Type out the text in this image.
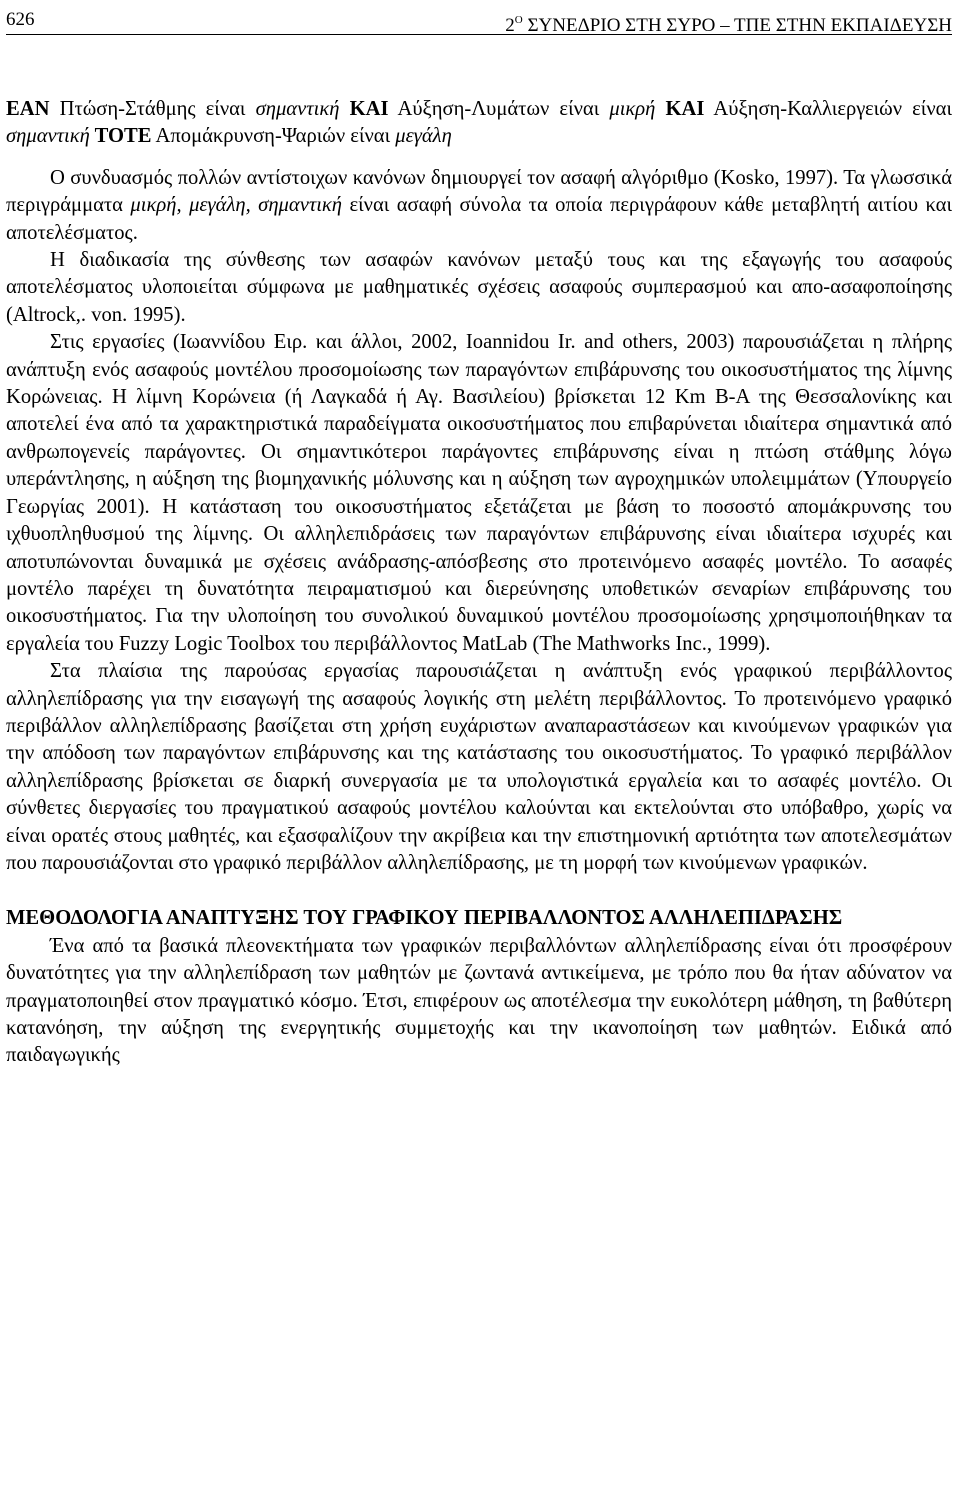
626	$2^O$ ΣΥΝΕΔΡΙΟ ΣΤΗ ΣΥΡΟ – ΤΠΕ ΣΤΗΝ ΕΚΠΑΙΔΕΥΣΗ

ΕΑΝ Πτώση-Στάθμης είναι σημαντική ΚΑΙ Αύξηση-Λυμάτων είναι μικρή ΚΑΙ Αύξηση-Καλλιεργειών είναι σημαντική ΤΟΤΕ Απομάκρυνση-Ψαριών είναι μεγάλη

Ο συνδυασμός πολλών αντίστοιχων κανόνων δημιουργεί τον ασαφή αλγόριθμο (Kosko, 1997). Τα γλωσσικά περιγράμματα μικρή, μεγάλη, σημαντική είναι ασαφή σύνολα τα οποία περιγράφουν κάθε μεταβλητή αιτίου και αποτελέσματος.

Η διαδικασία της σύνθεσης των ασαφών κανόνων μεταξύ τους και της εξαγωγής του ασαφούς αποτελέσματος υλοποιείται σύμφωνα με μαθηματικές σχέσεις ασαφούς συμπερασμού και απο-ασαφοποίησης (Altrock,. von. 1995).

Στις εργασίες (Ιωαννίδου Ειρ. και άλλοι, 2002, Ioannidou Ir. and others, 2003) παρουσιάζεται η πλήρης ανάπτυξη ενός ασαφούς μοντέλου προσομοίωσης των παραγόντων επιβάρυνσης του οικοσυστήματος της λίμνης Κορώνειας. Η λίμνη Κορώνεια (ή Λαγκαδά ή Αγ. Βασιλείου) βρίσκεται 12 Km Β-Α της Θεσσαλονίκης και αποτελεί ένα από τα χαρακτηριστικά παραδείγματα οικοσυστήματος που επιβαρύνεται ιδιαίτερα σημαντικά από ανθρωπογενείς παράγοντες. Οι σημαντικότεροι παράγοντες επιβάρυνσης είναι η πτώση στάθμης λόγω υπεράντλησης, η αύξηση της βιομηχανικής μόλυνσης και η αύξηση των αγροχημικών υπολειμμάτων (Υπουργείο Γεωργίας 2001). Η κατάσταση του οικοσυστήματος εξετάζεται με βάση το ποσοστό απομάκρυνσης του ιχθυοπληθυσμού της λίμνης. Οι αλληλεπιδράσεις των παραγόντων επιβάρυνσης είναι ιδιαίτερα ισχυρές και αποτυπώνονται δυναμικά με σχέσεις ανάδρασης-απόσβεσης στο προτεινόμενο ασαφές μοντέλο. Το ασαφές μοντέλο παρέχει τη δυνατότητα πειραματισμού και διερεύνησης υποθετικών σεναρίων επιβάρυνσης του οικοσυστήματος. Για την υλοποίηση του συνολικού δυναμικού μοντέλου προσομοίωσης χρησιμοποιήθηκαν τα εργαλεία του Fuzzy Logic Toolbox του περιβάλλοντος MatLab (The Mathworks Inc., 1999).

Στα πλαίσια της παρούσας εργασίας παρουσιάζεται η ανάπτυξη ενός γραφικού περιβάλλοντος αλληλεπίδρασης για την εισαγωγή της ασαφούς λογικής στη μελέτη περιβάλλοντος. Το προτεινόμενο γραφικό περιβάλλον αλληλεπίδρασης βασίζεται στη χρήση ευχάριστων αναπαραστάσεων και κινούμενων γραφικών για την απόδοση των παραγόντων επιβάρυνσης και της κατάστασης του οικοσυστήματος. Το γραφικό περιβάλλον αλληλεπίδρασης βρίσκεται σε διαρκή συνεργασία με τα υπολογιστικά εργαλεία και το ασαφές μοντέλο. Οι σύνθετες διεργασίες του πραγματικού ασαφούς μοντέλου καλούνται και εκτελούνται στο υπόβαθρο, χωρίς να είναι ορατές στους μαθητές, και εξασφαλίζουν την ακρίβεια και την επιστημονική αρτιότητα των αποτελεσμάτων που παρουσιάζονται στο γραφικό περιβάλλον αλληλεπίδρασης, με τη μορφή των κινούμενων γραφικών.

ΜΕΘΟΔΟΛΟΓΙΑ ΑΝΑΠΤΥΞΗΣ ΤΟΥ ΓΡΑΦΙΚΟΥ ΠΕΡΙΒΑΛΛΟΝΤΟΣ ΑΛΛΗΛΕΠΙΔΡΑΣΗΣ

Ένα από τα βασικά πλεονεκτήματα των γραφικών περιβαλλόντων αλληλεπίδρασης είναι ότι προσφέρουν δυνατότητες για την αλληλεπίδραση των μαθητών με ζωντανά αντικείμενα, με τρόπο που θα ήταν αδύνατον να πραγματοποιηθεί στον πραγματικό κόσμο. Έτσι, επιφέρουν ως αποτέλεσμα την ευκολότερη μάθηση, τη βαθύτερη κατανόηση, την αύξηση της ενεργητικής συμμετοχής και την ικανοποίηση των μαθητών. Ειδικά από παιδαγωγικής
